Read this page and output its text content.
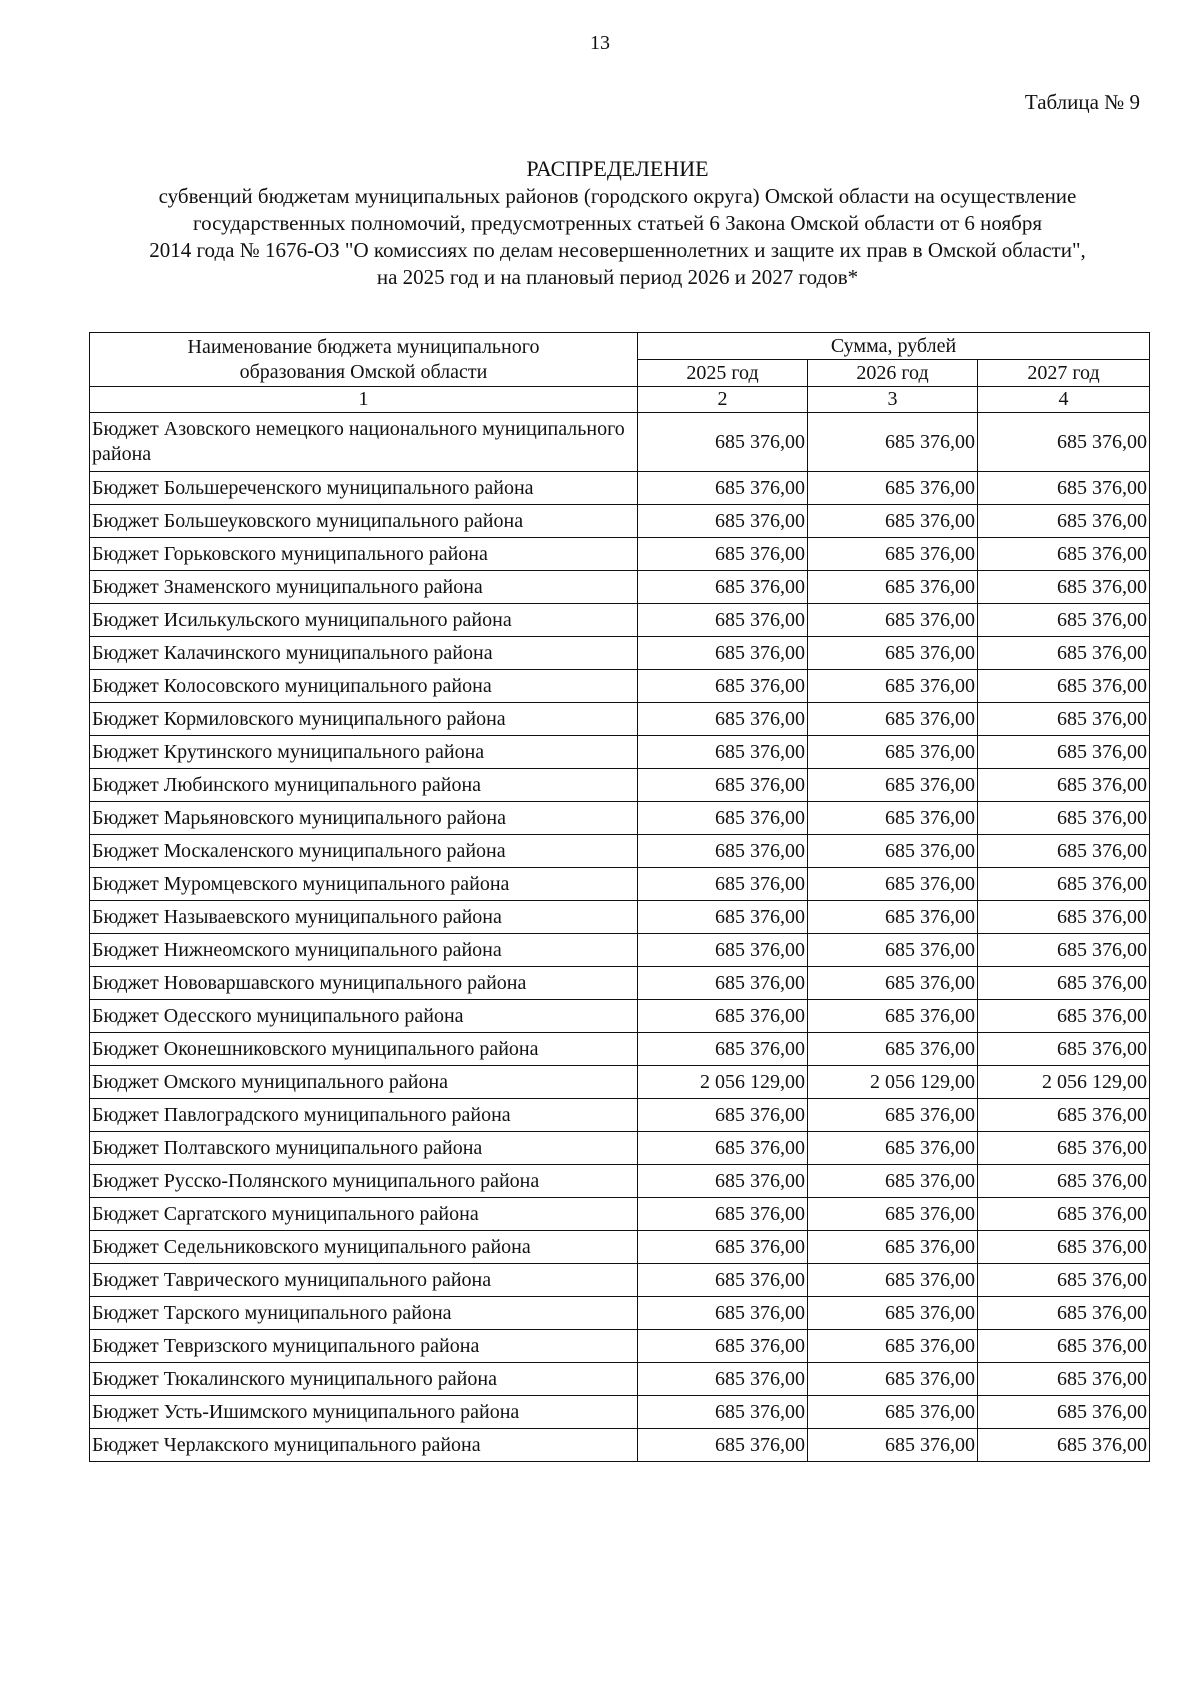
13
Таблица № 9
РАСПРЕДЕЛЕНИЕ
субвенций бюджетам муниципальных районов (городского округа) Омской области на осуществление
государственных полномочий, предусмотренных статьей 6 Закона Омской области от 6 ноября
2014 года № 1676-ОЗ "О комиссиях по делам несовершеннолетних и защите их прав в Омской области",
на 2025 год и на плановый период 2026 и 2027 годов*
Наименование бюджета муниципального
образования Омской области	Сумма, рублей		
	2025 год	2026 год	2027 год
1	2	3	4
Бюджет Азовского немецкого национального муниципального района	685 376,00	685 376,00	685 376,00
Бюджет Большереченского муниципального района	685 376,00	685 376,00	685 376,00
Бюджет Большеуковского муниципального района	685 376,00	685 376,00	685 376,00
Бюджет Горьковского муниципального района	685 376,00	685 376,00	685 376,00
Бюджет Знаменского муниципального района	685 376,00	685 376,00	685 376,00
Бюджет Исилькульского муниципального района	685 376,00	685 376,00	685 376,00
Бюджет Калачинского муниципального района	685 376,00	685 376,00	685 376,00
Бюджет Колосовского муниципального района	685 376,00	685 376,00	685 376,00
Бюджет Кормиловского муниципального района	685 376,00	685 376,00	685 376,00
Бюджет Крутинского муниципального района	685 376,00	685 376,00	685 376,00
Бюджет Любинского муниципального района	685 376,00	685 376,00	685 376,00
Бюджет Марьяновского муниципального района	685 376,00	685 376,00	685 376,00
Бюджет Москаленского муниципального района	685 376,00	685 376,00	685 376,00
Бюджет Муромцевского муниципального района	685 376,00	685 376,00	685 376,00
Бюджет Называевского муниципального района	685 376,00	685 376,00	685 376,00
Бюджет Нижнеомского муниципального района	685 376,00	685 376,00	685 376,00
Бюджет Нововаршавского муниципального района	685 376,00	685 376,00	685 376,00
Бюджет Одесского муниципального района	685 376,00	685 376,00	685 376,00
Бюджет Оконешниковского муниципального района	685 376,00	685 376,00	685 376,00
Бюджет Омского муниципального района	2 056 129,00	2 056 129,00	2 056 129,00
Бюджет Павлоградского муниципального района	685 376,00	685 376,00	685 376,00
Бюджет Полтавского муниципального района	685 376,00	685 376,00	685 376,00
Бюджет Русско-Полянского муниципального района	685 376,00	685 376,00	685 376,00
Бюджет Саргатского муниципального района	685 376,00	685 376,00	685 376,00
Бюджет Седельниковского муниципального района	685 376,00	685 376,00	685 376,00
Бюджет Таврического муниципального района	685 376,00	685 376,00	685 376,00
Бюджет Тарского муниципального района	685 376,00	685 376,00	685 376,00
Бюджет Тевризского муниципального района	685 376,00	685 376,00	685 376,00
Бюджет Тюкалинского муниципального района	685 376,00	685 376,00	685 376,00
Бюджет Усть-Ишимского муниципального района	685 376,00	685 376,00	685 376,00
Бюджет Черлакского муниципального района	685 376,00	685 376,00	685 376,00
